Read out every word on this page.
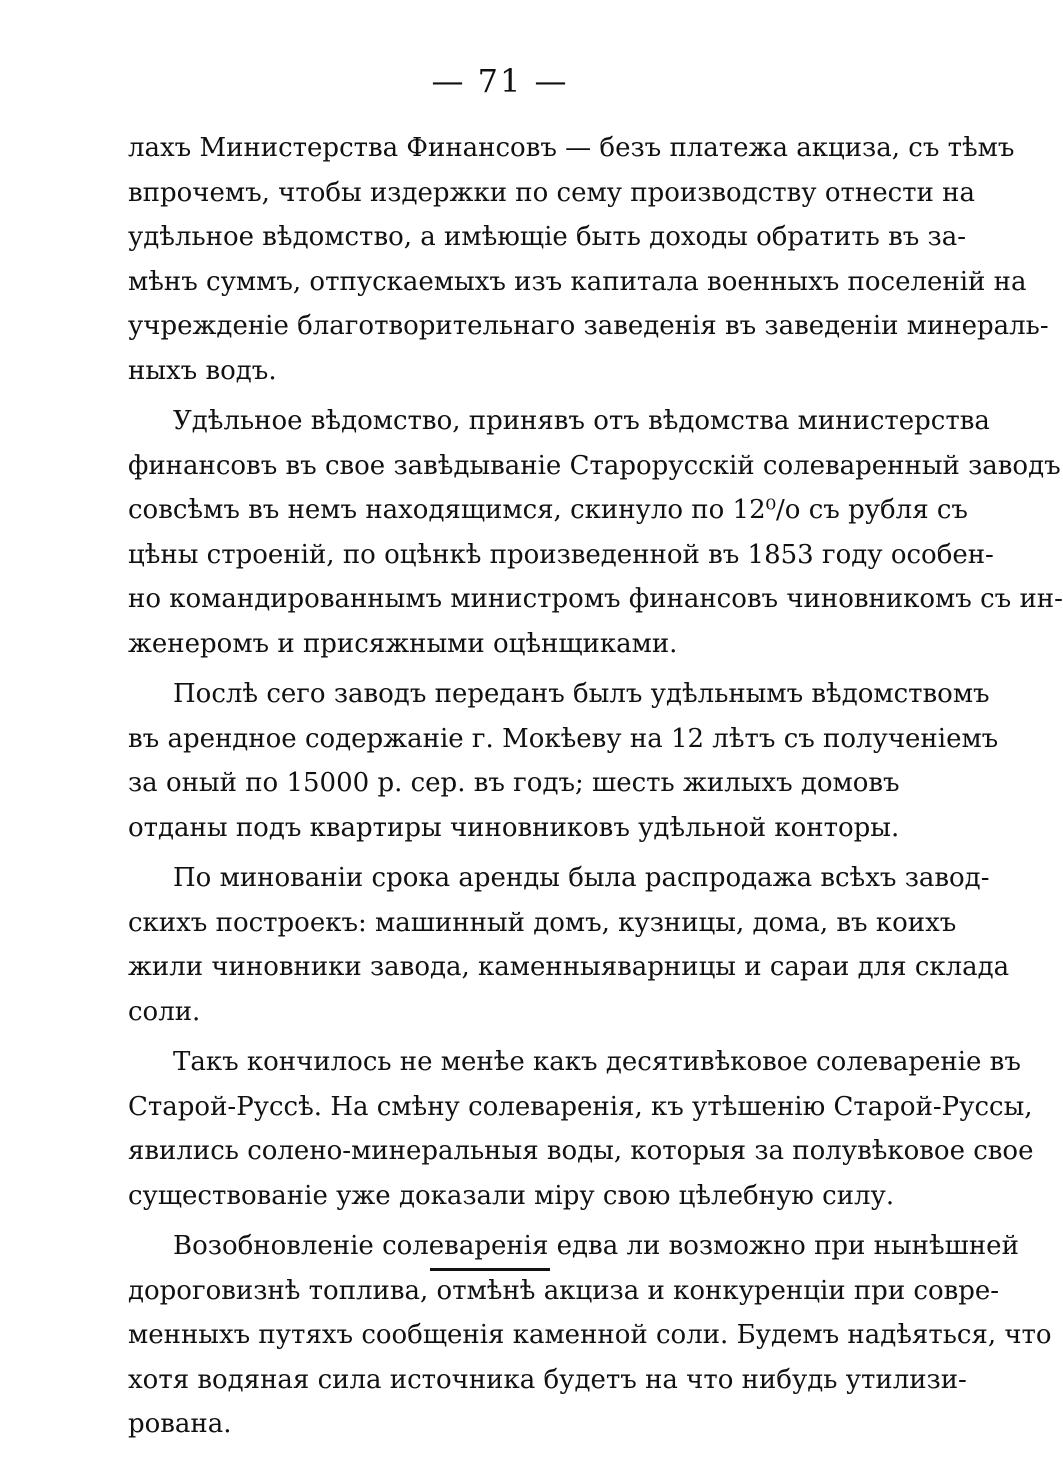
— 71 —
лахъ Министерства Финансовъ — безъ платежа акциза, съ тѣмъ
впрочемъ, чтобы издержки по сему производству отнести на
удѣльное вѣдомство, а имѣющіе быть доходы обратить въ за-
мѣнъ суммъ, отпускаемыхъ изъ капитала военныхъ поселеній на
учрежденіе благотворительнаго заведенія въ заведеніи минераль-
ныхъ водъ.
Удѣльное вѣдомство, принявъ отъ вѣдомства министерства
финансовъ въ свое завѣдываніе Старорусскій солеваренный заводъ
совсѣмъ въ немъ находящимся, скинуло по 12⁰/о съ рубля съ
цѣны строеній, по оцѣнкѣ произведенной въ 1853 году особен-
но командированнымъ министромъ финансовъ чиновникомъ съ ин-
женеромъ и присяжными оцѣнщиками.
Послѣ сего заводъ переданъ былъ удѣльнымъ вѣдомствомъ
въ арендное содержаніе г. Мокѣеву на 12 лѣтъ съ полученіемъ
за оный по 15000 р. сер. въ годъ; шесть жилыхъ домовъ
отданы подъ квартиры чиновниковъ удѣльной конторы.
По минованіи срока аренды была распродажа всѣхъ завод-
скихъ построекъ: машинный домъ, кузницы, дома, въ коихъ
жили чиновники завода, каменныяварницы и сараи для склада
соли.
Такъ кончилось не менѣе какъ десятивѣковое солевареніе въ
Старой-Руссѣ. На смѣну солеваренія, къ утѣшенію Старой-Руссы,
явились солено-минеральныя воды, которыя за полувѣковое свое
существованіе уже доказали міру свою цѣлебную силу.
Возобновленіе солеваренія едва ли возможно при нынѣшней
дороговизнѣ топлива, отмѣнѣ акциза и конкуренціи при совре-
менныхъ путяхъ сообщенія каменной соли. Будемъ надѣяться, что
хотя водяная сила источника будетъ на что нибудь утилизи-
рована.
